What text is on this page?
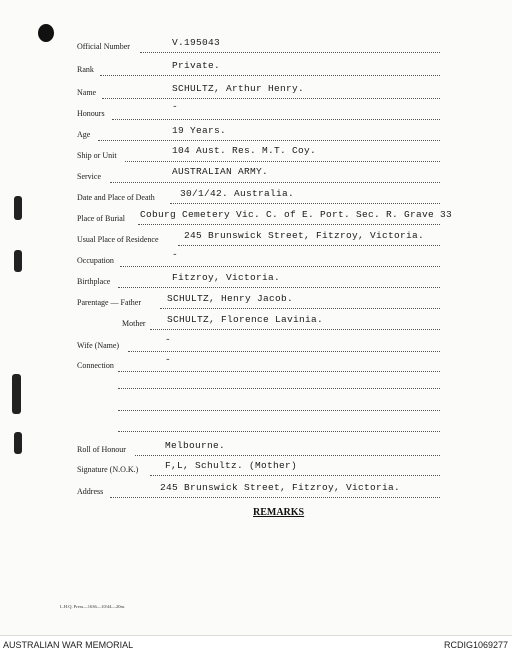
Official Number	V.195043
Rank	Private.
Name	SCHULTZ, Arthur Henry.
Honours
-
Age	19 Years.
Ship or Unit	104 Aust. Res. M.T. Coy.
Service	AUSTRALIAN ARMY.
Date and Place of Death	30/1/42. Australia.
Place of Burial Coburg Cemetery Vic. C. of E. Port. Sec. R. Grave 33
Usual Place of Residence	245 Brunswick Street, Fitzroy, Victoria.
Occupation
-
Birthplace	Fitzroy, Victoria.
Parentage — Father	SCHULTZ, Henry Jacob.
Mother SCHULTZ, Florence Lavinia.
Wife (Name)
-
Connection
-
Roll of Honour	Melbourne.
Signature (N.O.K.)	F,L, Schultz. (Mother)
Address	245 Brunswick Street, Fitzroy, Victoria.
REMARKS
L.H.Q. Press—1636—10/44—20m.
AUSTRALIAN WAR MEMORIAL	RCDIG1069277
